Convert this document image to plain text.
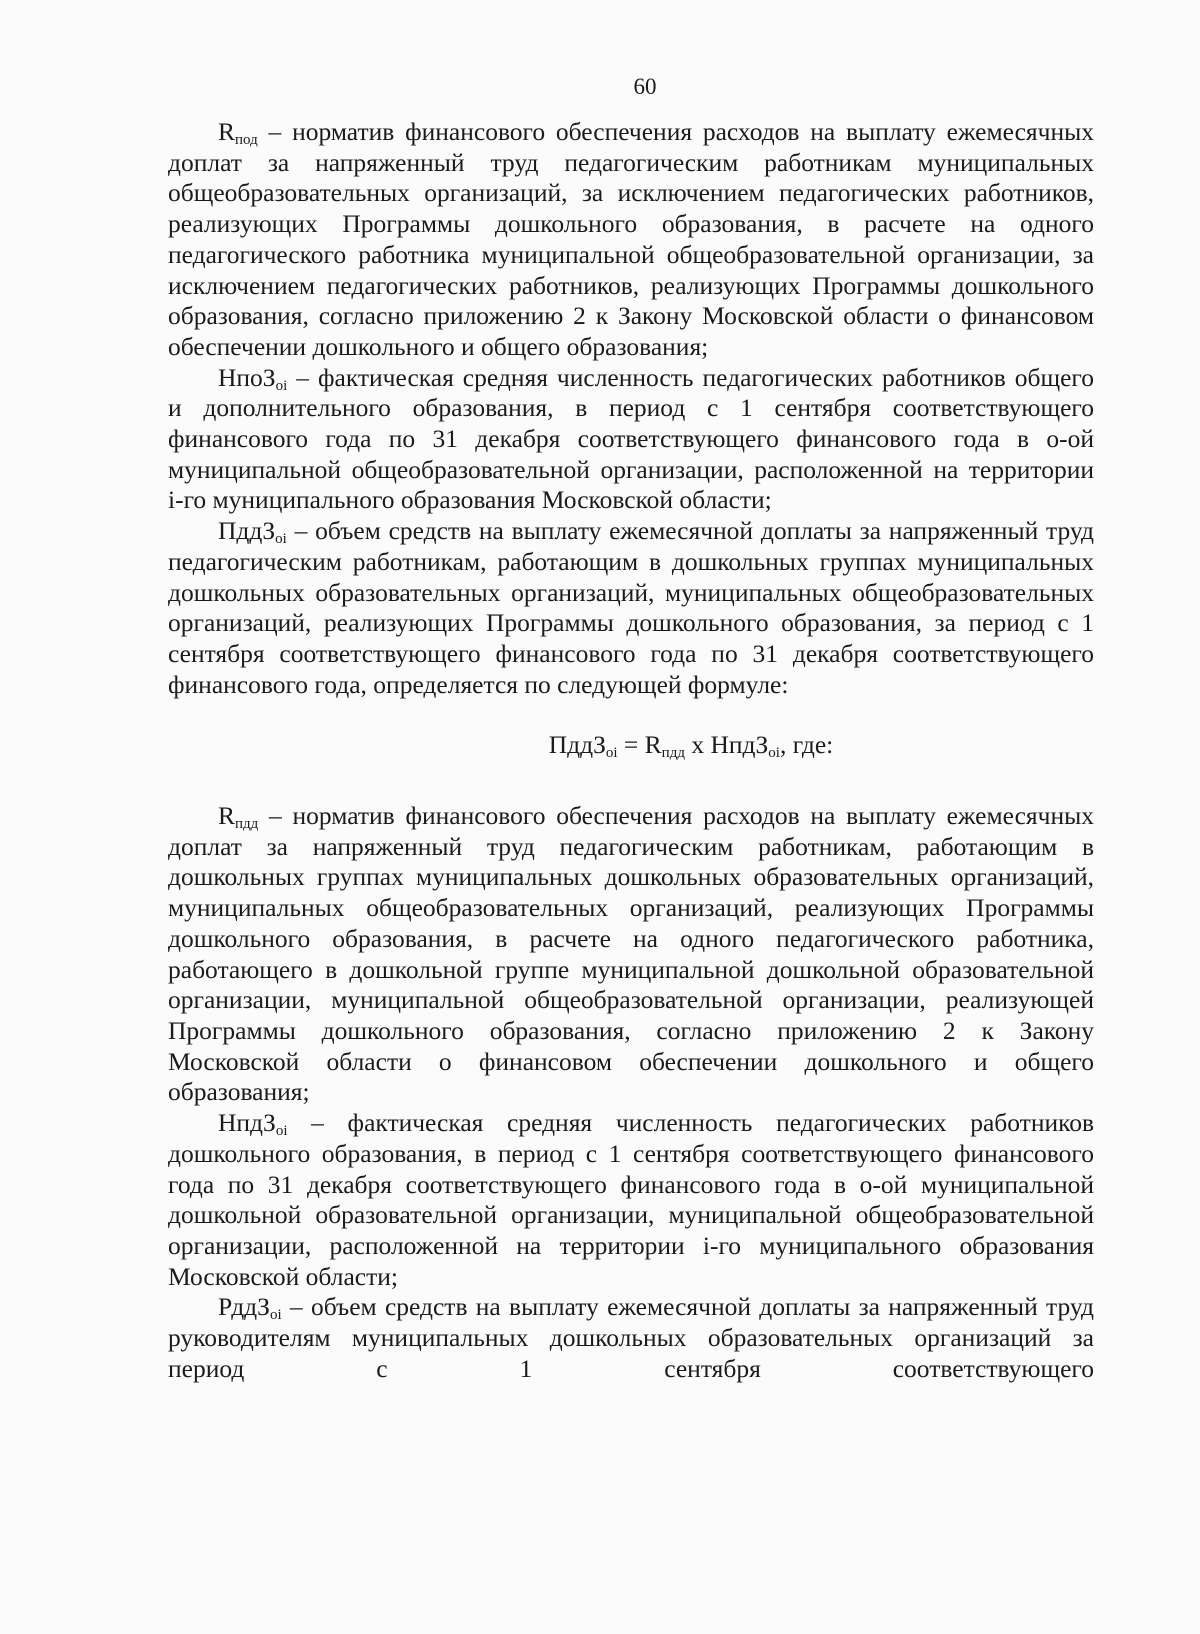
60

$R_{под}$ – норматив финансового обеспечения расходов на выплату ежемесячных доплат за напряженный труд педагогическим работникам муниципальных общеобразовательных организаций, за исключением педагогических работников, реализующих Программы дошкольного образования, в расчете на одного педагогического работника муниципальной общеобразовательной организации, за исключением педагогических работников, реализующих Программы дошкольного образования, согласно приложению 2 к Закону Московской области о финансовом обеспечении дошкольного и общего образования;

НпоЗ$_{oi}$ – фактическая средняя численность педагогических работников общего и дополнительного образования, в период с 1 сентября соответствующего финансового года по 31 декабря соответствующего финансового года в о-ой муниципальной общеобразовательной организации, расположенной на территории i-го муниципального образования Московской области;

ПддЗ$_{oi}$ – объем средств на выплату ежемесячной доплаты за напряженный труд педагогическим работникам, работающим в дошкольных группах муниципальных дошкольных образовательных организаций, муниципальных общеобразовательных организаций, реализующих Программы дошкольного образования, за период с 1 сентября соответствующего финансового года по 31 декабря соответствующего финансового года, определяется по следующей формуле:

ПддЗ$_{oi}$ = $R_{пдд}$ x НпдЗ$_{oi}$, где:

$R_{пдд}$ – норматив финансового обеспечения расходов на выплату ежемесячных доплат за напряженный труд педагогическим работникам, работающим в дошкольных группах муниципальных дошкольных образовательных организаций, муниципальных общеобразовательных организаций, реализующих Программы дошкольного образования, в расчете на одного педагогического работника, работающего в дошкольной группе муниципальной дошкольной образовательной организации, муниципальной общеобразовательной организации, реализующей Программы дошкольного образования, согласно приложению 2 к Закону Московской области о финансовом обеспечении дошкольного и общего образования;

НпдЗ$_{oi}$ – фактическая средняя численность педагогических работников дошкольного образования, в период с 1 сентября соответствующего финансового года по 31 декабря соответствующего финансового года в о-ой муниципальной дошкольной образовательной организации, муниципальной общеобразовательной организации, расположенной на территории i-го муниципального образования Московской области;

РддЗ$_{oi}$ – объем средств на выплату ежемесячной доплаты за напряженный труд руководителям муниципальных дошкольных образовательных организаций за период с 1 сентября соответствующего
